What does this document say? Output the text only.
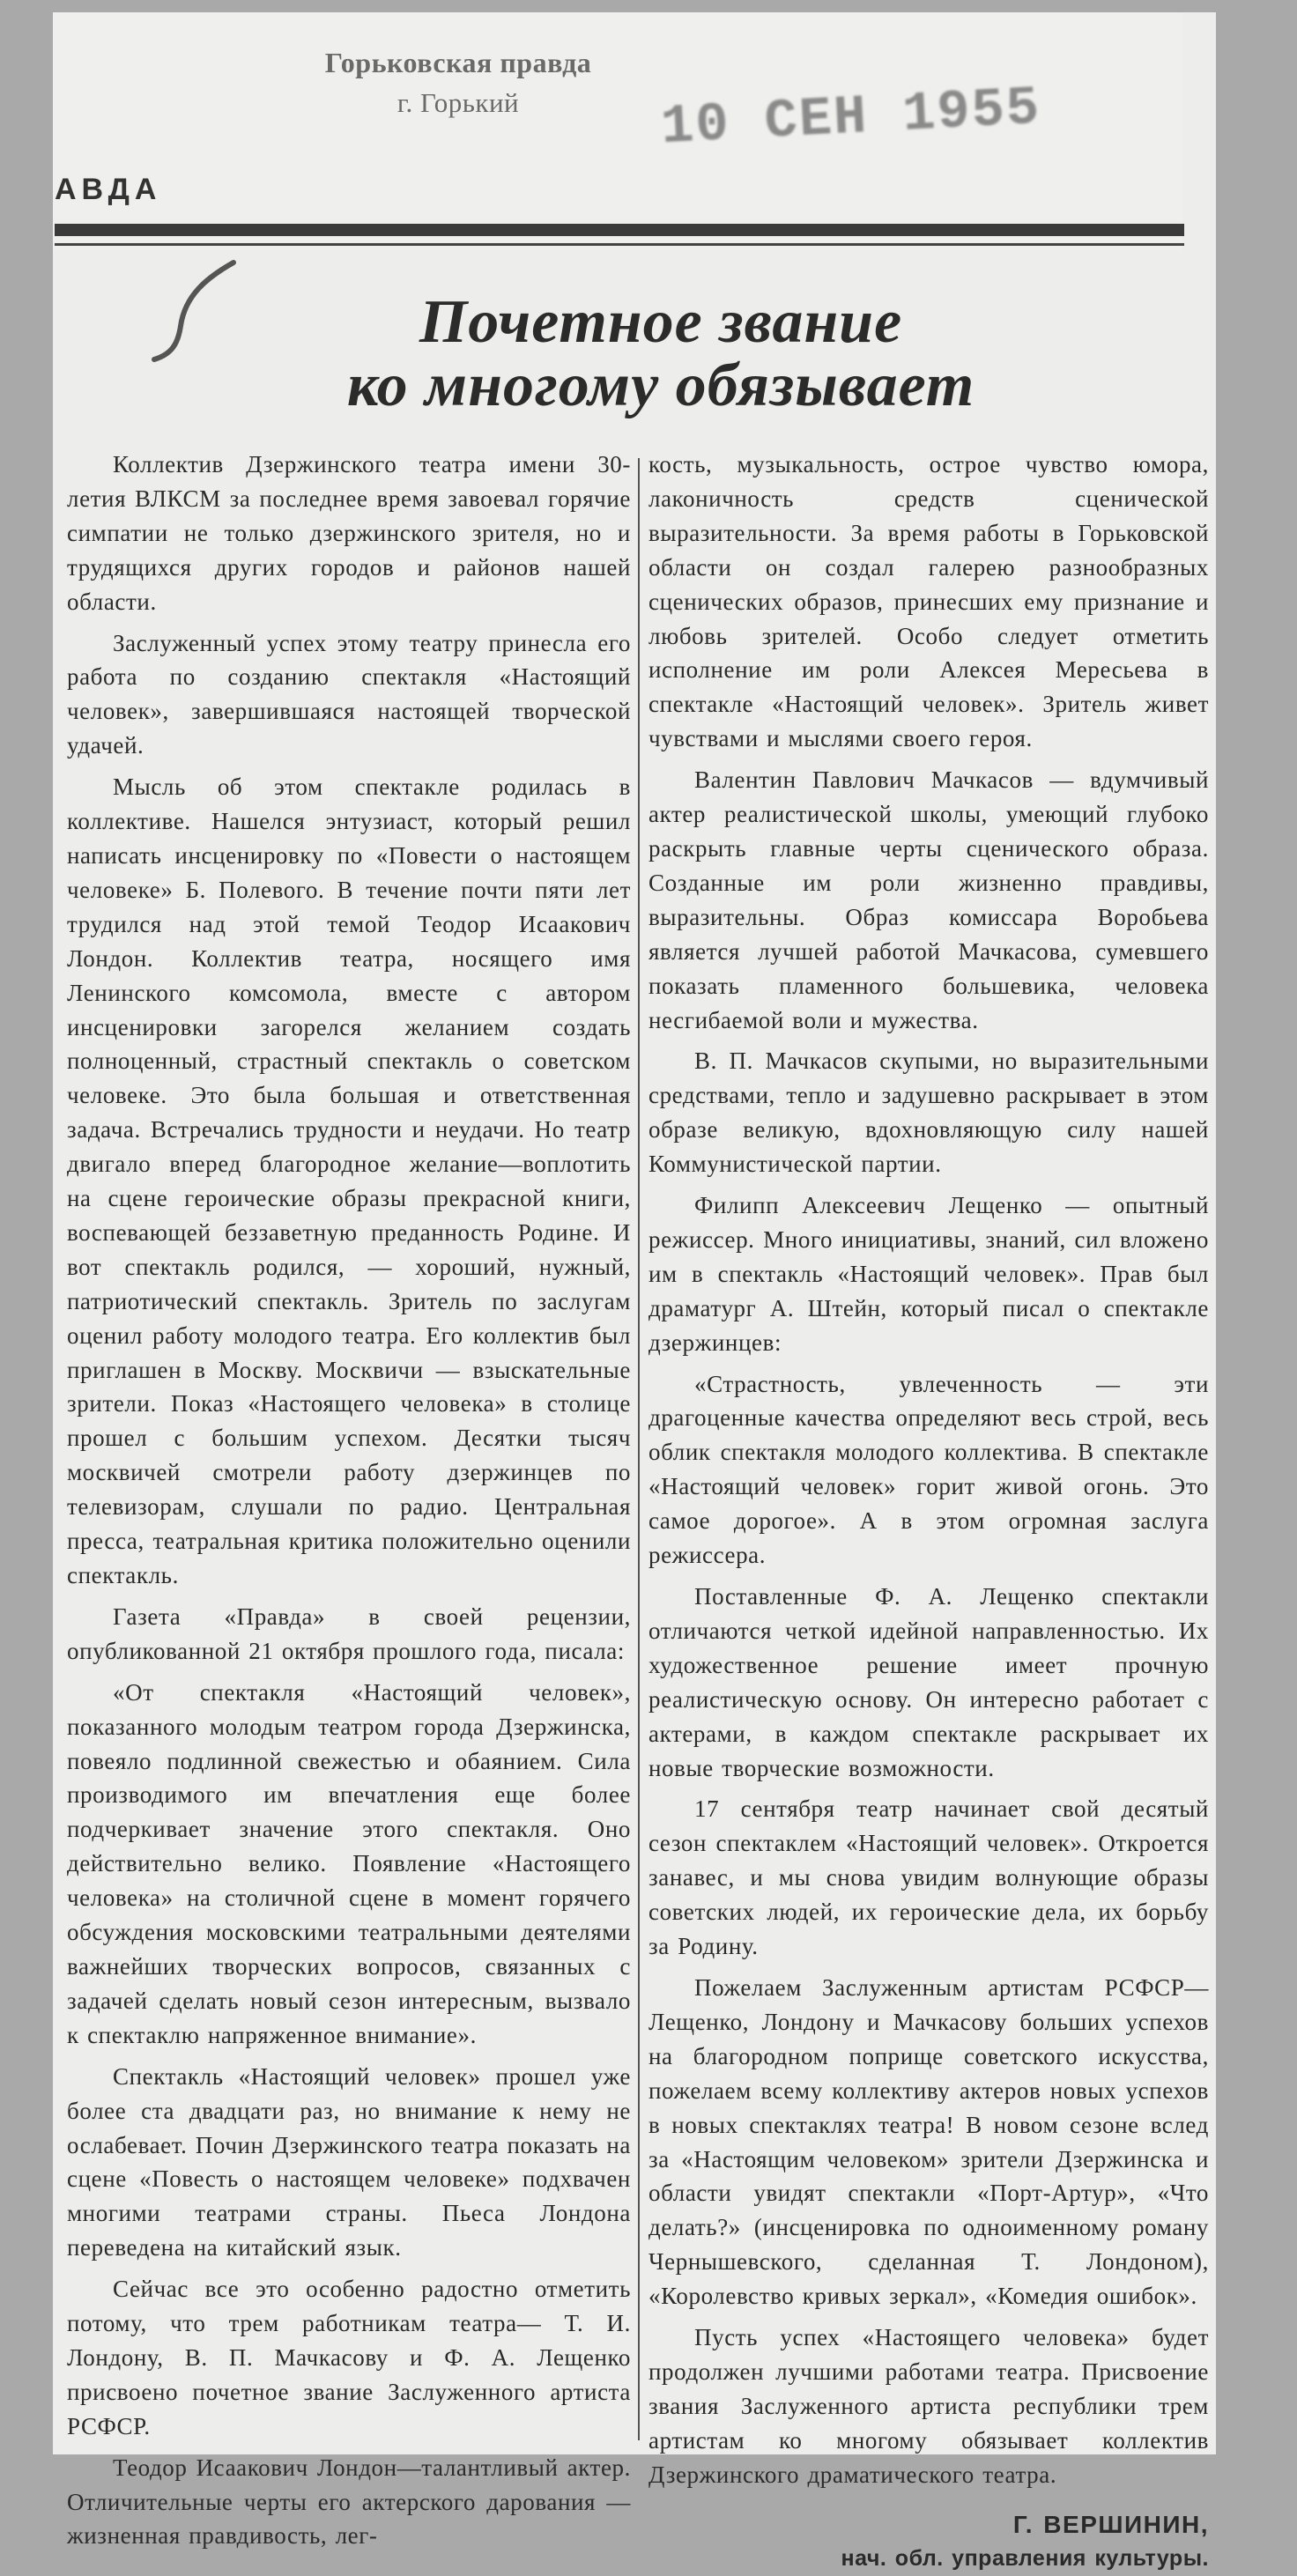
Горьковская правда
г. Горький	10 СЕН 1955
АВДА
Почетное звание
ко многому обязывает

Коллектив Дзержинского театра имени 30-летия ВЛКСМ за последнее время завоевал горячие симпатии не только дзержинского зрителя, но и трудящихся других городов и районов нашей области.

Заслуженный успех этому театру принесла его работа по созданию спектакля «Настоящий человек», завершившаяся настоящей творческой удачей.

Мысль об этом спектакле родилась в коллективе. Нашелся энтузиаст, который решил написать инсценировку по «Повести о настоящем человеке» Б. Полевого. В течение почти пяти лет трудился над этой темой Теодор Исаакович Лондон. Коллектив театра, носящего имя Ленинского комсомола, вместе с автором инсценировки загорелся желанием создать полноценный, страстный спектакль о советском человеке. Это была большая и ответственная задача. Встречались трудности и неудачи. Но театр двигало вперед благородное желание—воплотить на сцене героические образы прекрасной книги, воспевающей беззаветную преданность Родине. И вот спектакль родился, — хороший, нужный, патриотический спектакль. Зритель по заслугам оценил работу молодого театра. Его коллектив был приглашен в Москву. Москвичи — взыскательные зрители. Показ «Настоящего человека» в столице прошел с большим успехом. Десятки тысяч москвичей смотрели работу дзержинцев по телевизорам, слушали по радио. Центральная пресса, театральная критика положительно оценили спектакль.

Газета «Правда» в своей рецензии, опубликованной 21 октября прошлого года, писала:

«От спектакля «Настоящий человек», показанного молодым театром города Дзержинска, повеяло подлинной свежестью и обаянием. Сила производимого им впечатления еще более подчеркивает значение этого спектакля. Оно действительно велико. Появление «Настоящего человека» на столичной сцене в момент горячего обсуждения московскими театральными деятелями важнейших творческих вопросов, связанных с задачей сделать новый сезон интересным, вызвало к спектаклю напряженное внимание».

Спектакль «Настоящий человек» прошел уже более ста двадцати раз, но внимание к нему не ослабевает. Почин Дзержинского театра показать на сцене «Повесть о настоящем человеке» подхвачен многими театрами страны. Пьеса Лондона переведена на китайский язык.

Сейчас все это особенно радостно отметить потому, что трем работникам театра— Т. И. Лондону, В. П. Мачкасову и Ф. А. Лещенко присвоено почетное звание Заслуженного артиста РСФСР.

Теодор Исаакович Лондон—талантливый актер. Отличительные черты его актерского дарования — жизненная правдивость, лег-

кость, музыкальность, острое чувство юмора, лаконичность средств сценической выразительности. За время работы в Горьковской области он создал галерею разнообразных сценических образов, принесших ему признание и любовь зрителей. Особо следует отметить исполнение им роли Алексея Мересьева в спектакле «Настоящий человек». Зритель живет чувствами и мыслями своего героя.

Валентин Павлович Мачкасов — вдумчивый актер реалистической школы, умеющий глубоко раскрыть главные черты сценического образа. Созданные им роли жизненно правдивы, выразительны. Образ комиссара Воробьева является лучшей работой Мачкасова, сумевшего показать пламенного большевика, человека несгибаемой воли и мужества.

В. П. Мачкасов скупыми, но выразительными средствами, тепло и задушевно раскрывает в этом образе великую, вдохновляющую силу нашей Коммунистической партии.

Филипп Алексеевич Лещенко — опытный режиссер. Много инициативы, знаний, сил вложено им в спектакль «Настоящий человек». Прав был драматург А. Штейн, который писал о спектакле дзержинцев:

«Страстность, увлеченность — эти драгоценные качества определяют весь строй, весь облик спектакля молодого коллектива. В спектакле «Настоящий человек» горит живой огонь. Это самое дорогое». А в этом огромная заслуга режиссера.

Поставленные Ф. А. Лещенко спектакли отличаются четкой идейной направленностью. Их художественное решение имеет прочную реалистическую основу. Он интересно работает с актерами, в каждом спектакле раскрывает их новые творческие возможности.

17 сентября театр начинает свой десятый сезон спектаклем «Настоящий человек». Откроется занавес, и мы снова увидим волнующие образы советских людей, их героические дела, их борьбу за Родину.

Пожелаем Заслуженным артистам РСФСР—Лещенко, Лондону и Мачкасову больших успехов на благородном поприще советского искусства, пожелаем всему коллективу актеров новых успехов в новых спектаклях театра! В новом сезоне вслед за «Настоящим человеком» зрители Дзержинска и области увидят спектакли «Порт-Артур», «Что делать?» (инсценировка по одноименному роману Чернышевского, сделанная Т. Лондоном), «Королевство кривых зеркал», «Комедия ошибок».

Пусть успех «Настоящего человека» будет продолжен лучшими работами театра. Присвоение звания Заслуженного артиста республики трем артистам ко многому обязывает коллектив Дзержинского драматического театра.

Г. ВЕРШИНИН,
нач. обл. управления культуры.
